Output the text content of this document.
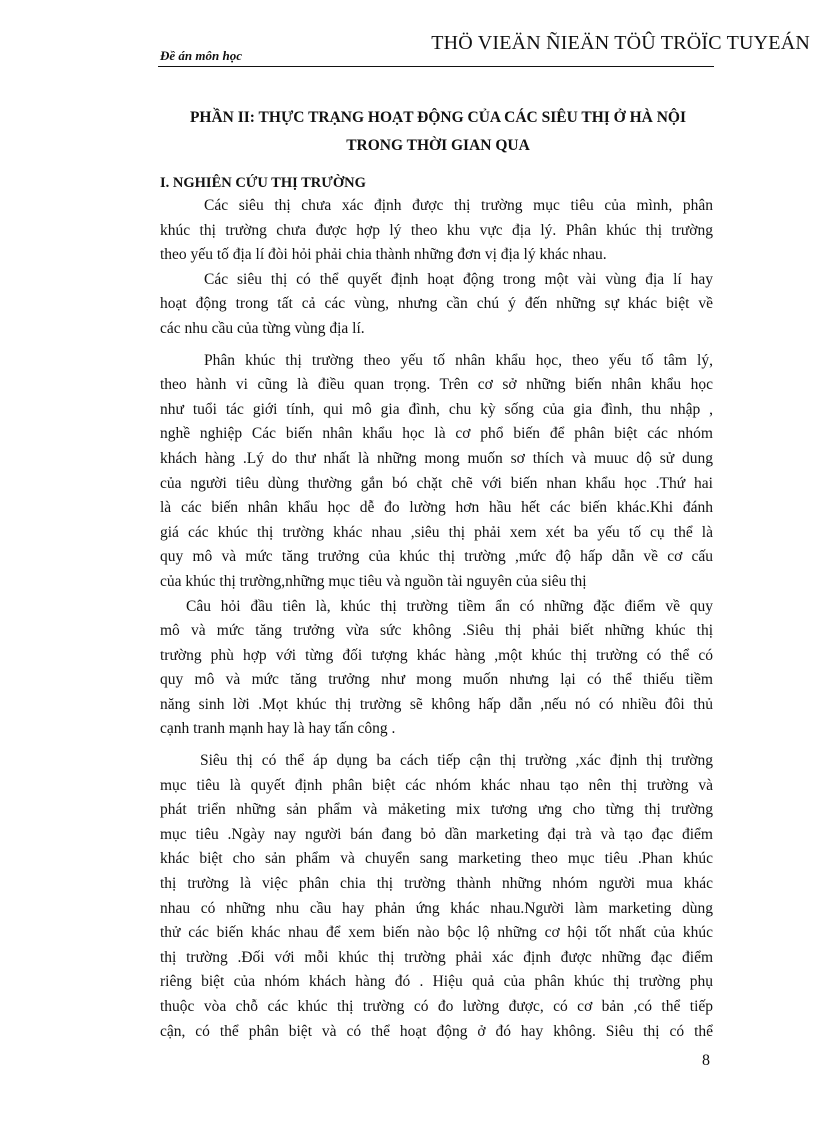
Đề án môn học
THÖ VIEÄN ÑIEÄN TÖÛ TRÖÏC TUYEÁN
PHẦN II: THỰC TRẠNG HOẠT ĐỘNG CỦA CÁC SIÊU THỊ Ở HÀ NỘI
TRONG THỜI GIAN QUA
I. NGHIÊN CỨU THỊ TRƯỜNG
Các siêu thị chưa xác định được thị trường mục tiêu của mình, phân
khúc thị trường chưa được hợp lý theo khu vực địa lý. Phân khúc thị trường
theo yếu tố địa lí đòi hỏi phải chia thành những đơn vị địa lý khác nhau.
Các siêu thị có thể quyết định hoạt động trong một vài vùng địa lí hay
hoạt động trong tất cả các vùng, nhưng cần chú ý đến những sự khác biệt về
các nhu cầu của từng vùng địa lí.
Phân khúc thị trường theo yếu tố nhân khẩu học, theo yếu tố tâm lý,
theo hành vi cũng là điều quan trọng. Trên cơ sở những biến nhân khẩu học
như tuổi tác giới tính, qui mô gia đình, chu kỳ sống của gia đình, thu nhập ,
nghề nghiệp Các biến nhân khẩu học là cơ phổ biến để phân biệt các nhóm
khách hàng .Lý do thư nhất là những mong muốn sơ thích và muuc dộ sử dung
của người tiêu dùng thường gắn bó chặt chẽ với biến nhan khẩu học .Thứ hai
là các biến nhân khẩu học dễ đo lường hơn hầu hết các biến khác.Khi đánh
giá các khúc thị trường khác nhau ,siêu thị phải xem xét ba yếu tố cụ thể là
quy mô và mức tăng trưởng của khúc thị trường ,mức độ hấp dẫn về cơ cấu
của khúc thị trường,những mục tiêu và nguồn tài nguyên của siêu thị
Câu hỏi đầu tiên là, khúc thị trường tiềm ẩn có những đặc điểm về quy
mô và mức tăng trưởng vừa sức không .Siêu thị phải biết những khúc thị
trường phù hợp với từng đối tượng khác hàng ,một khúc thị trường có thể có
quy mô và mức tăng trưởng như mong muốn nhưng lại có thể thiếu tiềm
năng sinh lời .Mọt khúc thị trường sẽ không hấp dẫn ,nếu nó có nhiều đôi thủ
cạnh tranh mạnh hay là hay tấn công .
Siêu thị có thể áp dụng ba cách tiếp cận thị trường ,xác định thị trường
mục tiêu là quyết định phân biệt các nhóm khác nhau tạo nên thị trường và
phát triển những sản phẩm và mảketing mix tương ưng cho từng thị trường
mục tiêu .Ngày nay người bán đang bỏ dần marketing đại trà và tạo đạc điểm
khác biệt cho sản phẩm và chuyển sang marketing theo mục tiêu .Phan khúc
thị trường là việc phân chia thị trường thành những nhóm người mua khác
nhau có những nhu cầu hay phản ứng khác nhau.Người làm marketing dùng
thử các biến khác nhau để xem biến nào bộc lộ những cơ hội tốt nhất của khúc
thị trường .Đối với mỗi khúc thị trường phải xác định được những đạc điểm
riêng biệt của nhóm khách hàng đó . Hiệu quả của phân khúc thị trường phụ
thuộc vòa chỗ các khúc thị trường có đo lường được, có cơ bản ,có thể tiếp
cận, có thể phân biệt và có thể hoạt động ở đó hay không. Siêu thị có thể
8
